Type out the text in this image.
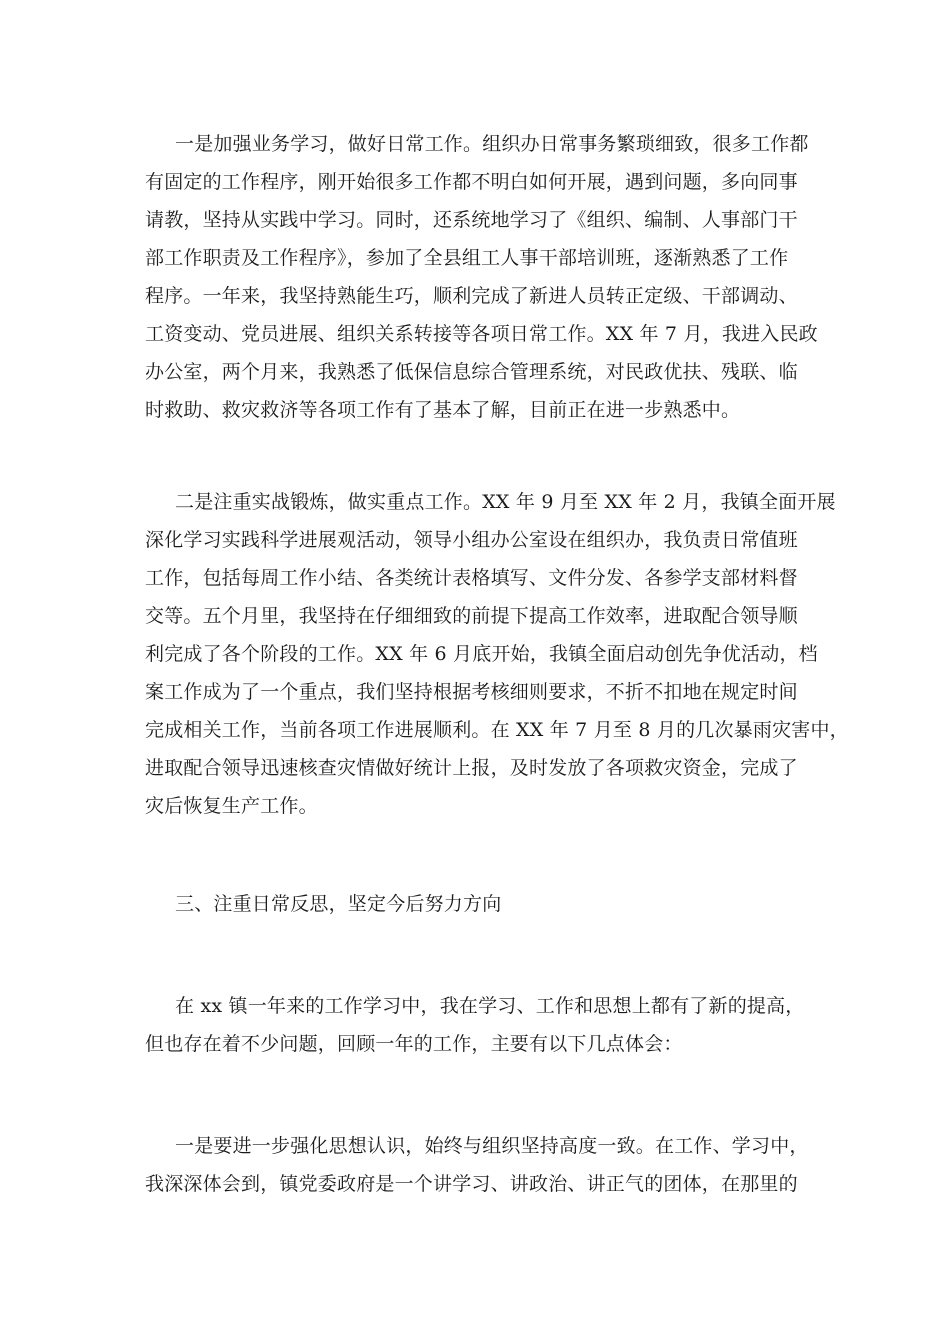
一是加强业务学习，做好日常工作。组织办日常事务繁琐细致，很多工作都
有固定的工作程序，刚开始很多工作都不明白如何开展，遇到问题，多向同事
请教，坚持从实践中学习。同时，还系统地学习了《组织、编制、人事部门干
部工作职责及工作程序》，参加了全县组工人事干部培训班，逐渐熟悉了工作
程序。一年来，我坚持熟能生巧，顺利完成了新进人员转正定级、干部调动、
工资变动、党员进展、组织关系转接等各项日常工作。XX 年 7 月，我进入民政
办公室，两个月来，我熟悉了低保信息综合管理系统，对民政优扶、残联、临
时救助、救灾救济等各项工作有了基本了解，目前正在进一步熟悉中。
二是注重实战锻炼，做实重点工作。XX 年 9 月至 XX 年 2 月，我镇全面开展
深化学习实践科学进展观活动，领导小组办公室设在组织办，我负责日常值班
工作，包括每周工作小结、各类统计表格填写、文件分发、各参学支部材料督
交等。五个月里，我坚持在仔细细致的前提下提高工作效率，进取配合领导顺
利完成了各个阶段的工作。XX 年 6 月底开始，我镇全面启动创先争优活动，档
案工作成为了一个重点，我们坚持根据考核细则要求，不折不扣地在规定时间
完成相关工作，当前各项工作进展顺利。在 XX 年 7 月至 8 月的几次暴雨灾害中，
进取配合领导迅速核查灾情做好统计上报，及时发放了各项救灾资金，完成了
灾后恢复生产工作。
三、注重日常反思，坚定今后努力方向
在 xx 镇一年来的工作学习中，我在学习、工作和思想上都有了新的提高，
但也存在着不少问题，回顾一年的工作，主要有以下几点体会：
一是要进一步强化思想认识，始终与组织坚持高度一致。在工作、学习中，
我深深体会到，镇党委政府是一个讲学习、讲政治、讲正气的团体，在那里的
